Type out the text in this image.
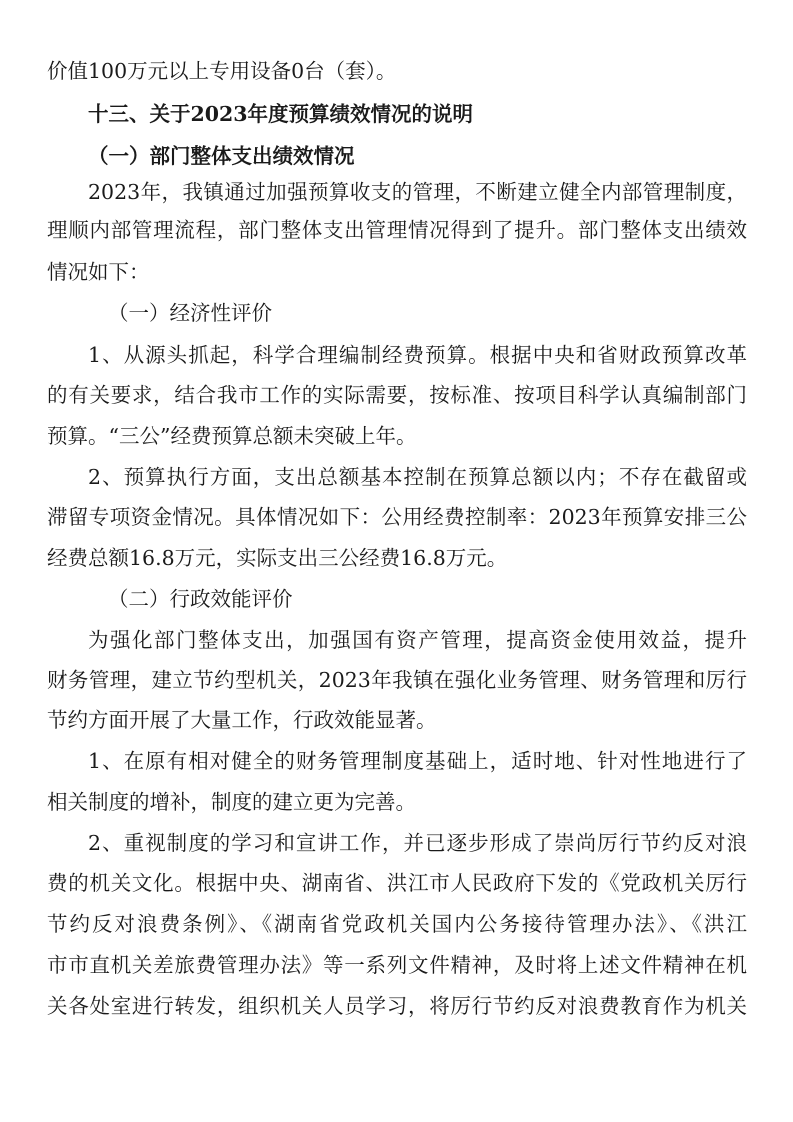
价值100万元以上专用设备0台（套）。
十三、关于2023年度预算绩效情况的说明
（一）部门整体支出绩效情况
2023年，我镇通过加强预算收支的管理，不断建立健全内部管理制度，
理顺内部管理流程，部门整体支出管理情况得到了提升。部门整体支出绩效
情况如下：
（一）经济性评价
1、从源头抓起，科学合理编制经费预算。根据中央和省财政预算改革
的有关要求，结合我市工作的实际需要，按标准、按项目科学认真编制部门
预算。“三公”经费预算总额未突破上年。
2、预算执行方面，支出总额基本控制在预算总额以内；不存在截留或
滞留专项资金情况。具体情况如下：公用经费控制率：2023年预算安排三公
经费总额16.8万元，实际支出三公经费16.8万元。
（二）行政效能评价
为强化部门整体支出，加强国有资产管理，提高资金使用效益，提升
财务管理，建立节约型机关，2023年我镇在强化业务管理、财务管理和厉行
节约方面开展了大量工作，行政效能显著。
1、在原有相对健全的财务管理制度基础上，适时地、针对性地进行了
相关制度的增补，制度的建立更为完善。
2、重视制度的学习和宣讲工作，并已逐步形成了崇尚厉行节约反对浪
费的机关文化。根据中央、湖南省、洪江市人民政府下发的《党政机关厉行
节约反对浪费条例》、《湖南省党政机关国内公务接待管理办法》、《洪江
市市直机关差旅费管理办法》等一系列文件精神，及时将上述文件精神在机
关各处室进行转发，组织机关人员学习，将厉行节约反对浪费教育作为机关
